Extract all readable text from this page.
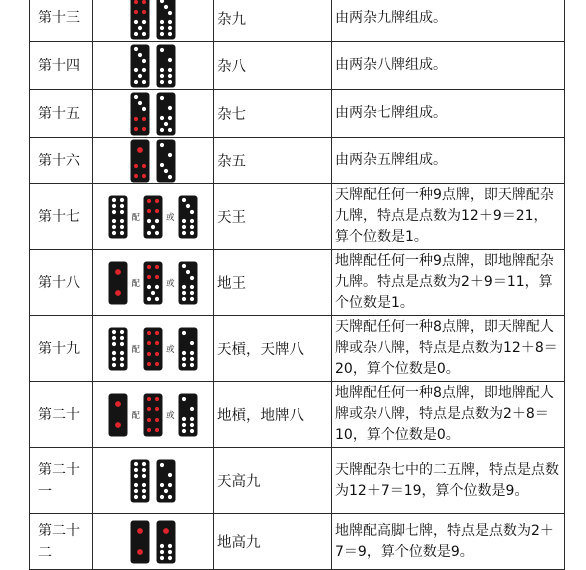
第十三		杂九	由两杂九牌组成。
第十四		杂八	由两杂八牌组成。
第十五		杂七	由两杂七牌组成。
第十六		杂五	由两杂五牌组成。
第十七	配 或	天王	天牌配任何一种9点牌，即天牌配杂九牌，特点是点数为12＋9＝21，算个位数是1。
第十八	配 或	地王	地牌配任何一种9点牌，即地牌配杂九牌。特点是点数为2＋9＝11，算个位数是1。
第十九	配 或	天槓，天牌八	天牌配任何一种8点牌，即天牌配人牌或杂八牌，特点是点数为12＋8＝20，算个位数是0。
第二十	配 或	地槓，地牌八	地牌配任何一种8点牌，即地牌配人牌或杂八牌，特点是点数为2＋8＝10，算个位数是0。
第二十一		天高九	天牌配杂七中的二五牌，特点是点数为12＋7＝19，算个位数是9。
第二十二		地高九	地牌配高脚七牌，特点是点数为2＋7＝9，算个位数是9。
